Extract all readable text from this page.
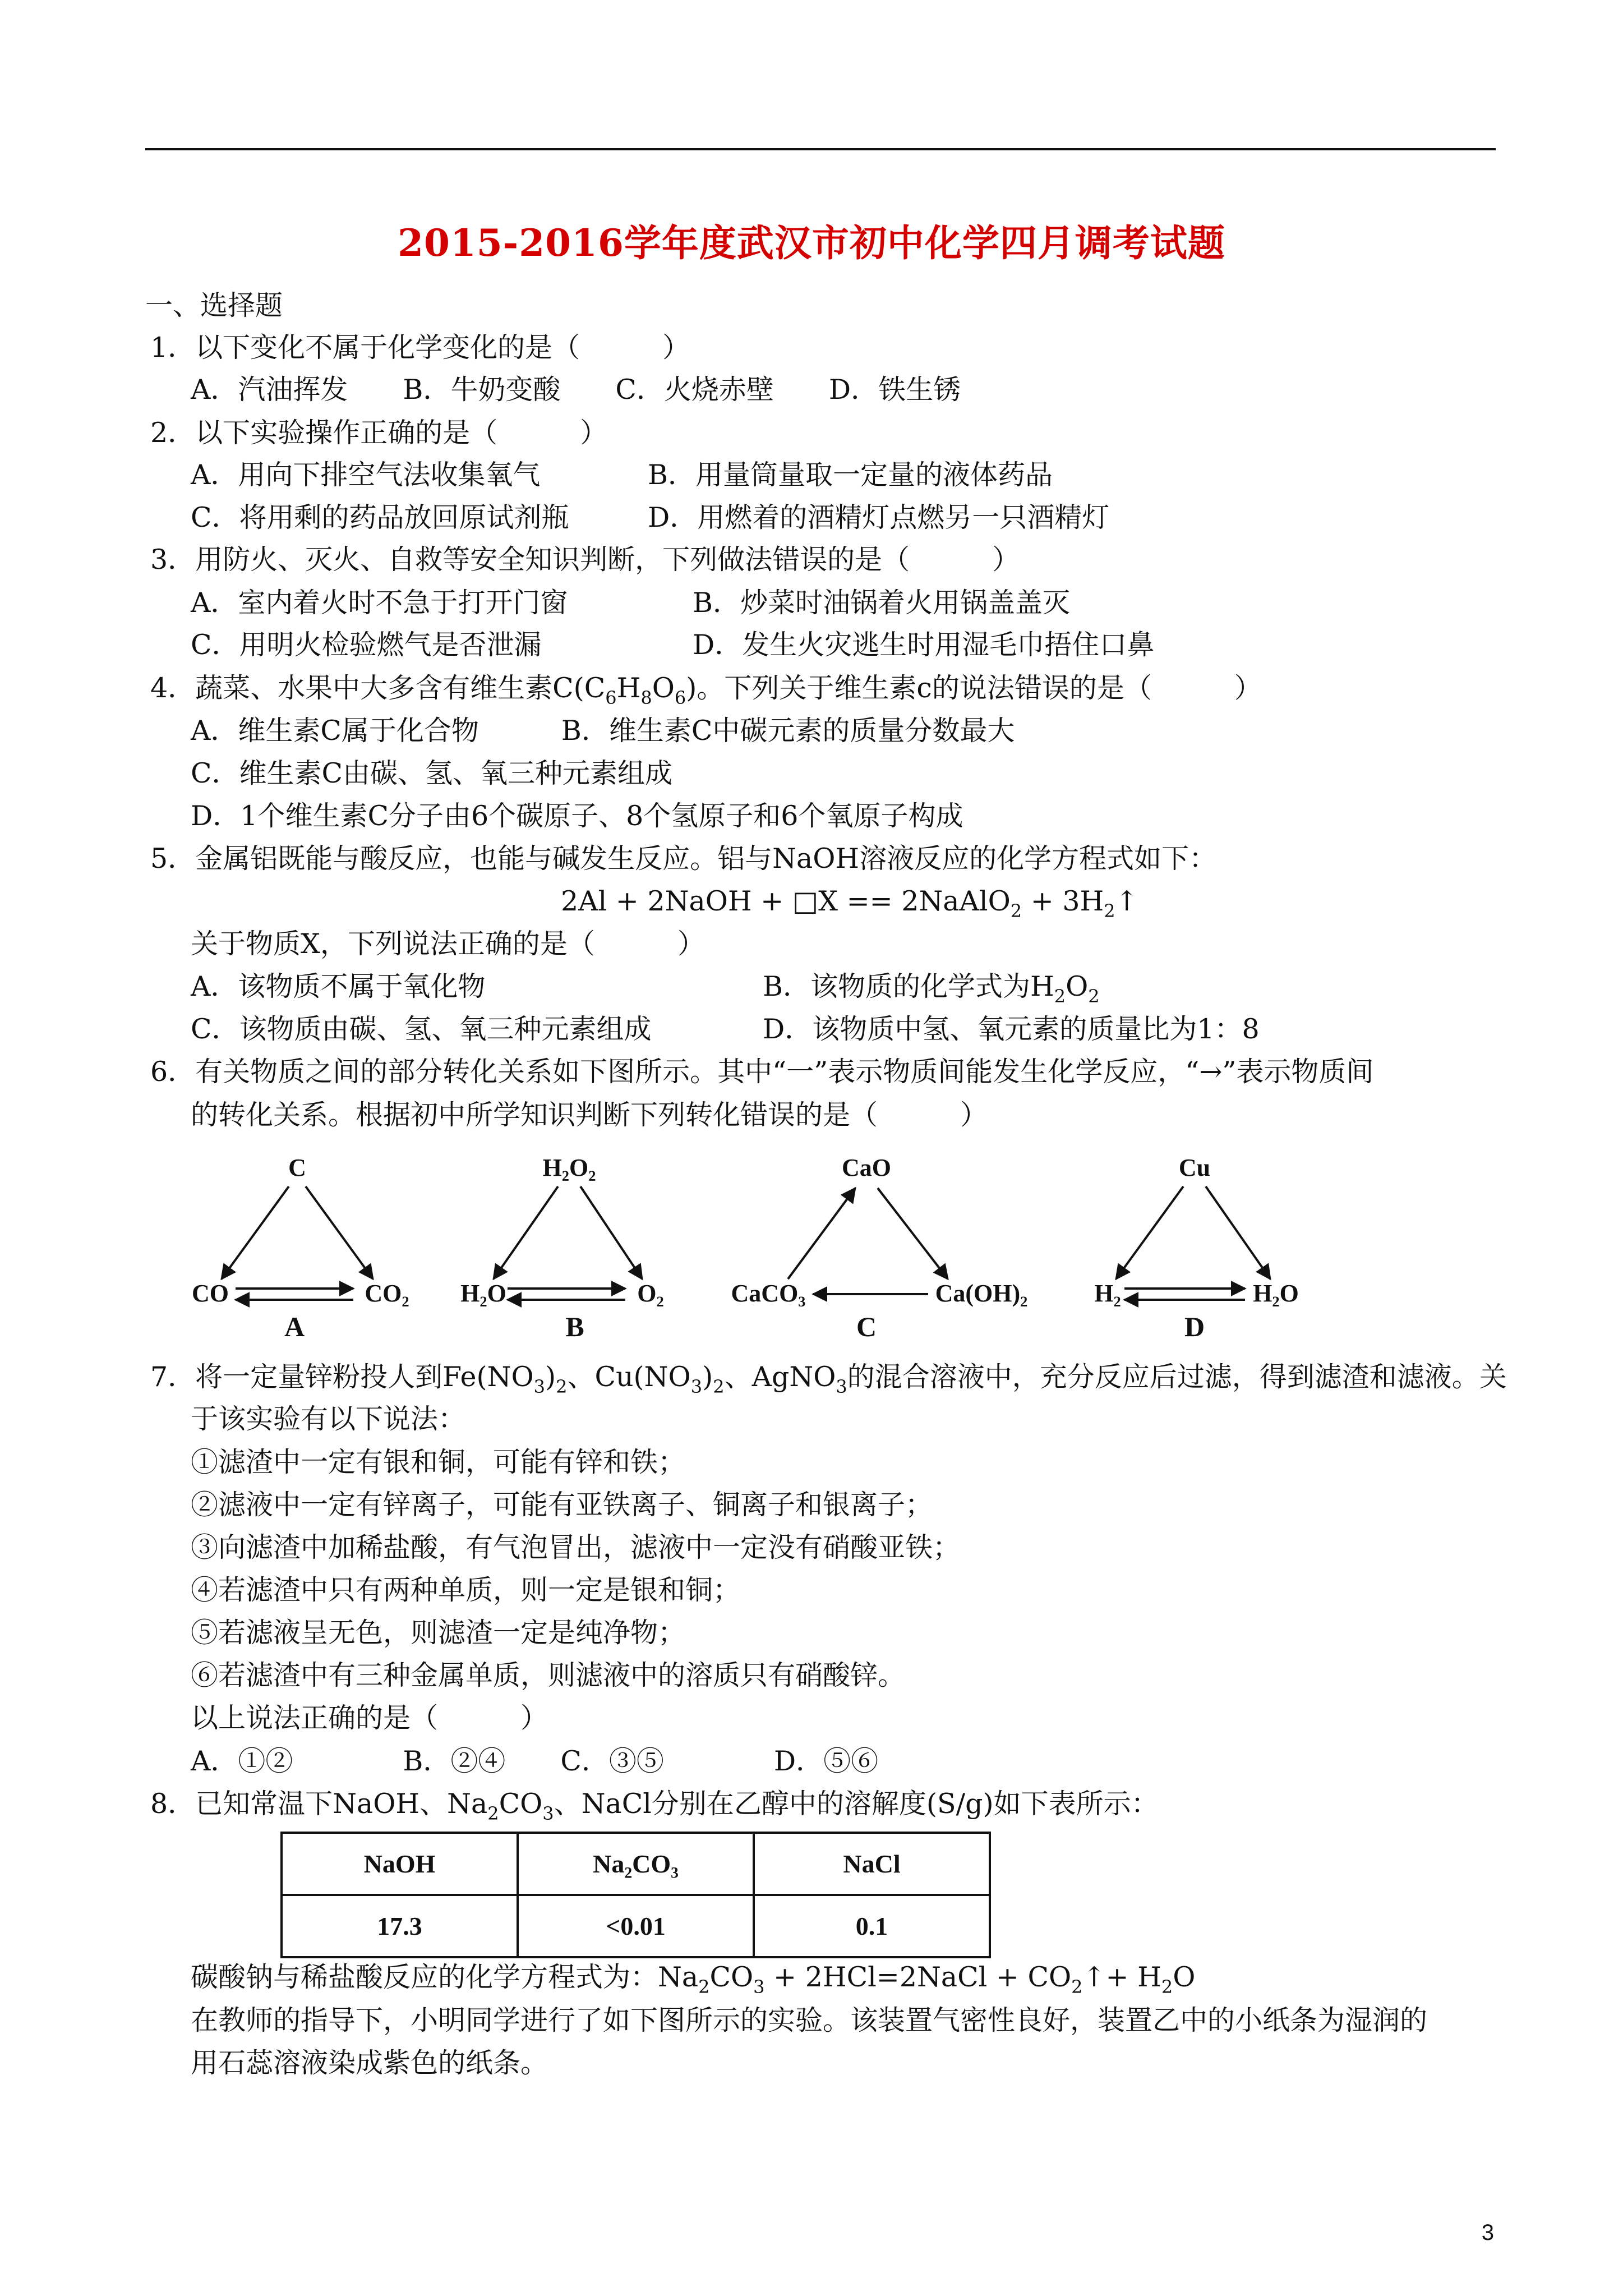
2015-2016学年度武汉市初中化学四月调考试题
一、选择题
1．以下变化不属于化学变化的是（　　　）
A．汽油挥发　　B．牛奶变酸　　C．火烧赤壁　　D．铁生锈
2．以下实验操作正确的是（　　　）
A．用向下排空气法收集氧气	B．用量筒量取一定量的液体药品
C．将用剩的药品放回原试剂瓶	D．用燃着的酒精灯点燃另一只酒精灯
3．用防火、灭火、自救等安全知识判断，下列做法错误的是（　　　）
A．室内着火时不急于打开门窗	B．炒菜时油锅着火用锅盖盖灭
C．用明火检验燃气是否泄漏	D．发生火灾逃生时用湿毛巾捂住口鼻
4．蔬菜、水果中大多含有维生素$C(C_6H_8O_6)$。下列关于维生素c的说法错误的是（　　　）
A．维生素C属于化合物　　　B．维生素C中碳元素的质量分数最大
C．维生素C由碳、氢、氧三种元素组成
D．1个维生素C分子由6个碳原子、8个氢原子和6个氧原子构成
5．金属铝既能与酸反应，也能与碱发生反应。铝与NaOH溶液反应的化学方程式如下：
2Al + 2NaOH + □X == 2NaAlO$_2$ + $3H_2↑$
关于物质X，下列说法正确的是（　　　）
A．该物质不属于氧化物	B．该物质的化学式为$H_2O_2$
C．该物质由碳、氢、氧三种元素组成	D．该物质中氢、氧元素的质量比为1：8
6．有关物质之间的部分转化关系如下图所示。其中“一”表示物质间能发生化学反应，“→”表示物质间
的转化关系。根据初中所学知识判断下列转化错误的是（　　　）
C
CO	CO₂
A
H₂O₂
H₂O	O₂
B
CaO
CaCO₃	Ca(OH)₂
C
Cu
H₂	H₂O
D
7．将一定量锌粉投人到$Fe(NO_3)_2$、$Cu(NO_3)_2$、AgNO$_3$的混合溶液中，充分反应后过滤，得到滤渣和滤液。关
于该实验有以下说法：
①滤渣中一定有银和铜，可能有锌和铁；
②滤液中一定有锌离子，可能有亚铁离子、铜离子和银离子；
③向滤渣中加稀盐酸，有气泡冒出，滤液中一定没有硝酸亚铁；
④若滤渣中只有两种单质，则一定是银和铜；
⑤若滤液呈无色，则滤渣一定是纯净物；
⑥若滤渣中有三种金属单质，则滤液中的溶质只有硝酸锌。
以上说法正确的是（　　　）
A．①②　　　　B．②④　　C．③⑤　　　　D．⑤⑥
8．已知常温下NaOH、$Na_2CO_3$、NaCl分别在乙醇中的溶解度(S/g)如下表所示：
NaOH	Na₂CO₃	NaCl
17.3	<0.01	0.1
碳酸钠与稀盐酸反应的化学方程式为：$Na_2CO_3$ + 2HCl=2NaCl + $CO_2↑+ H_2O$
在教师的指导下，小明同学进行了如下图所示的实验。该装置气密性良好，装置乙中的小纸条为湿润的
用石蕊溶液染成紫色的纸条。
3
